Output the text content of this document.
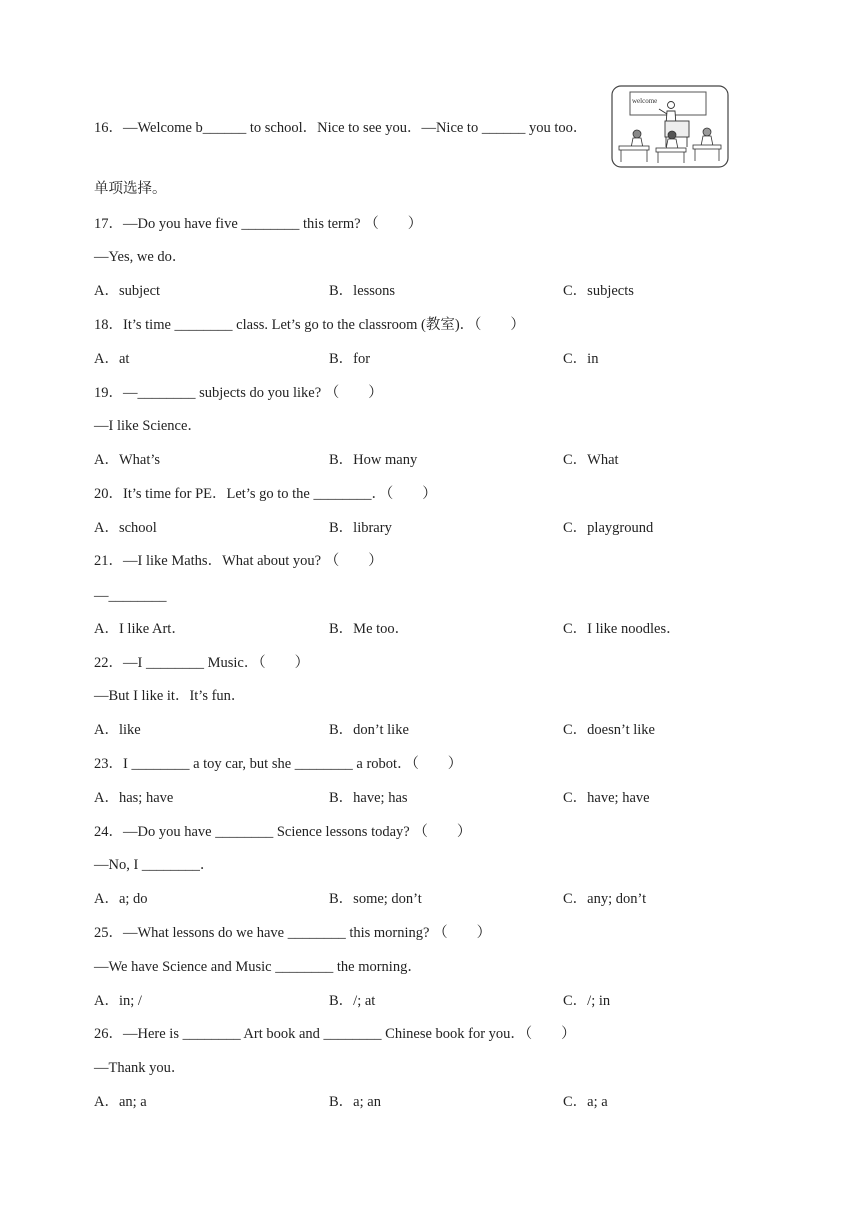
16．—Welcome b______ to school．Nice to see you．—Nice to ______ you too．
welcome
单项选择。
17．—Do you have five ________ this term? （        ）
—Yes, we do．
A．subject	B．lessons	C．subjects
18．It’s time ________ class. Let’s go to the classroom (教室)．（        ）
A．at	B．for	C．in
19．—________ subjects do you like? （        ）
—I like Science．
A．What’s	B．How many	C．What
20．It’s time for PE．Let’s go to the ________．（        ）
A．school	B．library	C．playground
21．—I like Maths．What about you? （        ）
—________
A．I like Art．	B．Me too．	C．I like noodles．
22．—I ________ Music．（        ）
—But I like it．It’s fun．
A．like	B．don’t like	C．doesn’t like
23．I ________ a toy car, but she ________ a robot．（        ）
A．has; have	B．have; has	C．have; have
24．—Do you have ________ Science lessons today? （        ）
—No, I ________．
A．a; do	B．some; don’t	C．any; don’t
25．—What lessons do we have ________ this morning? （        ）
—We have Science and Music ________ the morning．
A．in; /	B．/; at	C．/; in
26．—Here is ________ Art book and ________ Chinese book for you．（        ）
—Thank you．
A．an; a	B．a; an	C．a; a
